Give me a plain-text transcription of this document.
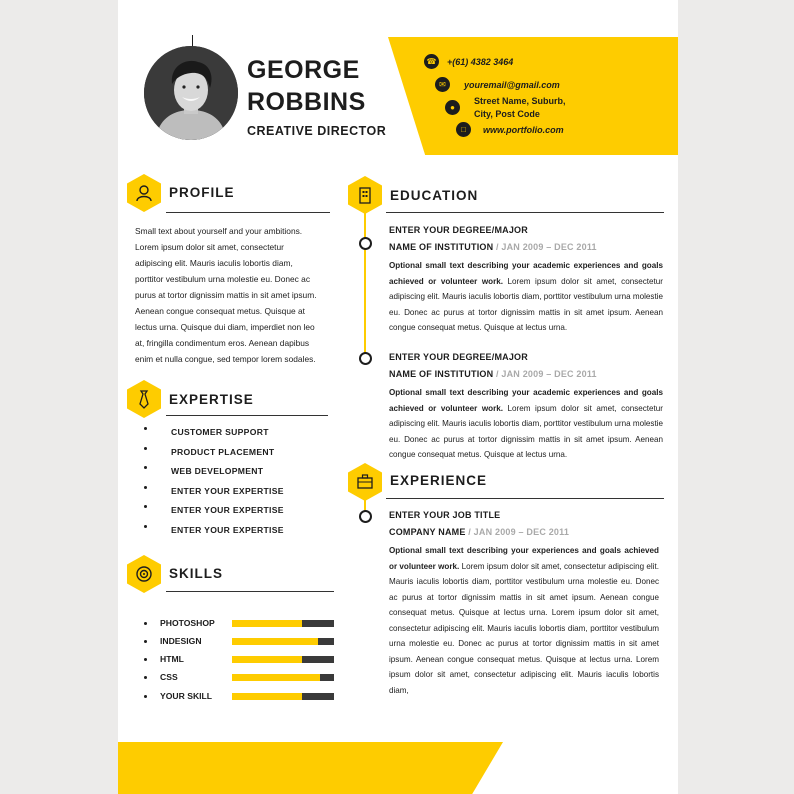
GEORGE
ROBBINS
CREATIVE DIRECTOR
☎ +(61) 4382 3464
✉	youremail@gmail.com
●
Street Name, Suburb,
City, Post Code
□	www.portfolio.com
PROFILE
Small text about yourself and your ambitions.
Lorem ipsum dolor sit amet, consectetur
adipiscing elit. Mauris iaculis lobortis diam,
porttitor vestibulum urna molestie eu. Donec ac
purus at tortor dignissim mattis in sit amet ipsum.
Aenean congue consequat metus. Quisque at
lectus urna. Quisque dui diam, imperdiet non leo
at, fringilla condimentum eros. Aenean dapibus
enim et nulla congue, sed tempor lorem sodales.
EXPERTISE
CUSTOMER SUPPORT
PRODUCT PLACEMENT
WEB DEVELOPMENT
ENTER YOUR EXPERTISE
ENTER YOUR EXPERTISE
ENTER YOUR EXPERTISE
SKILLS
PHOTOSHOP
INDESIGN
HTML
CSS
YOUR SKILL
EDUCATION
ENTER YOUR DEGREE/MAJOR
NAME OF INSTITUTION / JAN 2009 – DEC 2011
Optional small text describing your academic experiences and goals achieved or volunteer work. Lorem ipsum dolor sit amet, consectetur adipiscing elit. Mauris iaculis lobortis diam, porttitor vestibulum urna molestie eu. Donec ac purus at tortor dignissim mattis in sit amet ipsum. Aenean congue consequat metus. Quisque at lectus urna.
ENTER YOUR DEGREE/MAJOR
NAME OF INSTITUTION / JAN 2009 – DEC 2011
Optional small text describing your academic experiences and goals achieved or volunteer work. Lorem ipsum dolor sit amet, consectetur adipiscing elit. Mauris iaculis lobortis diam, porttitor vestibulum urna molestie eu. Donec ac purus at tortor dignissim mattis in sit amet ipsum. Aenean congue consequat metus. Quisque at lectus urna.
EXPERIENCE
ENTER YOUR JOB TITLE
COMPANY NAME / JAN 2009 – DEC 2011
Optional small text describing your experiences and goals achieved or volunteer work. Lorem ipsum dolor sit amet, consectetur adipiscing elit. Mauris iaculis lobortis diam, porttitor vestibulum urna molestie eu. Donec ac purus at tortor dignissim mattis in sit amet ipsum. Aenean congue consequat metus. Quisque at lectus urna. Lorem ipsum dolor sit amet, consectetur adipiscing elit. Mauris iaculis lobortis diam, porttitor vestibulum urna molestie eu. Donec ac purus at tortor dignissim mattis in sit amet ipsum. Aenean congue consequat metus. Quisque at lectus urna. Lorem ipsum dolor sit amet, consectetur adipiscing elit. Mauris iaculis lobortis diam,
